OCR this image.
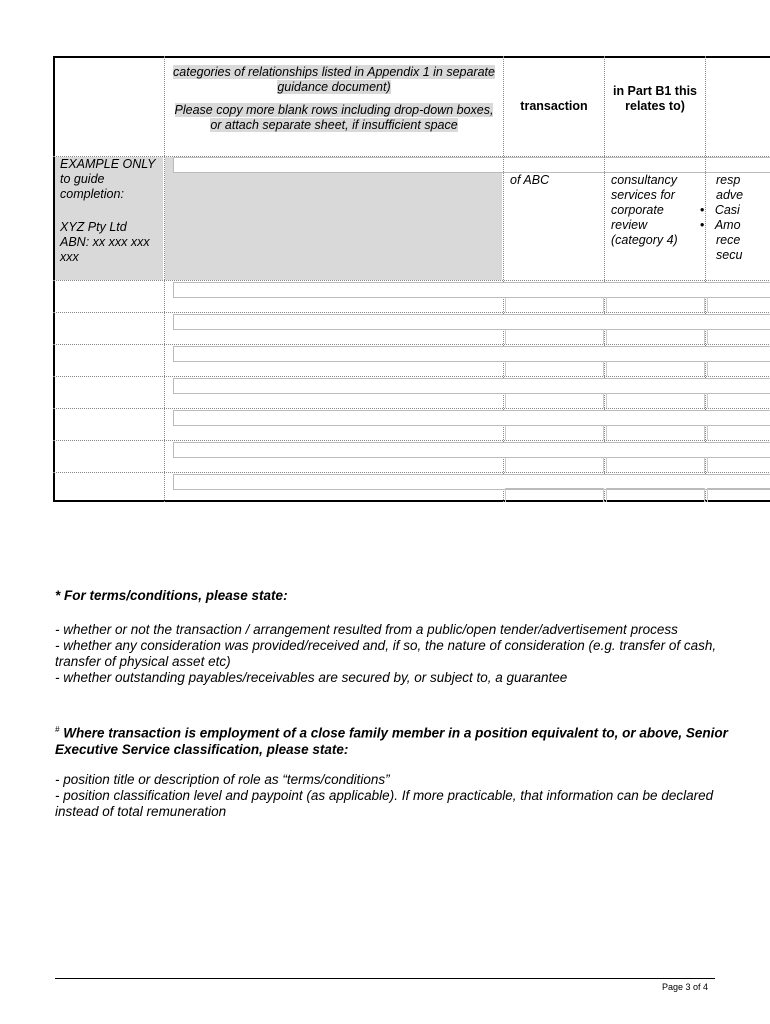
categories of relationships listed in Appendix 1 in separate guidance document)
Please copy more blank rows including drop-down boxes, or attach separate sheet, if insufficient space
transaction
in Part B1 this relates to)
EXAMPLE ONLY to guide completion:
XYZ Pty Ltd
ABN: xx xxx xxx xxx
of ABC	consultancy services for corporate review (category 4)
resp
adve
• Casi
• Amo
rece
secu
* For terms/conditions, please state:
- whether or not the transaction / arrangement resulted from a public/open tender/advertisement process
- whether any consideration was provided/received and, if so, the nature of consideration (e.g. transfer of cash, transfer of physical asset etc)
- whether outstanding payables/receivables are secured by, or subject to, a guarantee
# Where transaction is employment of a close family member in a position equivalent to, or above, Senior Executive Service classification, please state:
- position title or description of role as “terms/conditions”
- position classification level and paypoint (as applicable). If more practicable, that information can be declared instead of total remuneration
Page 3 of 4
